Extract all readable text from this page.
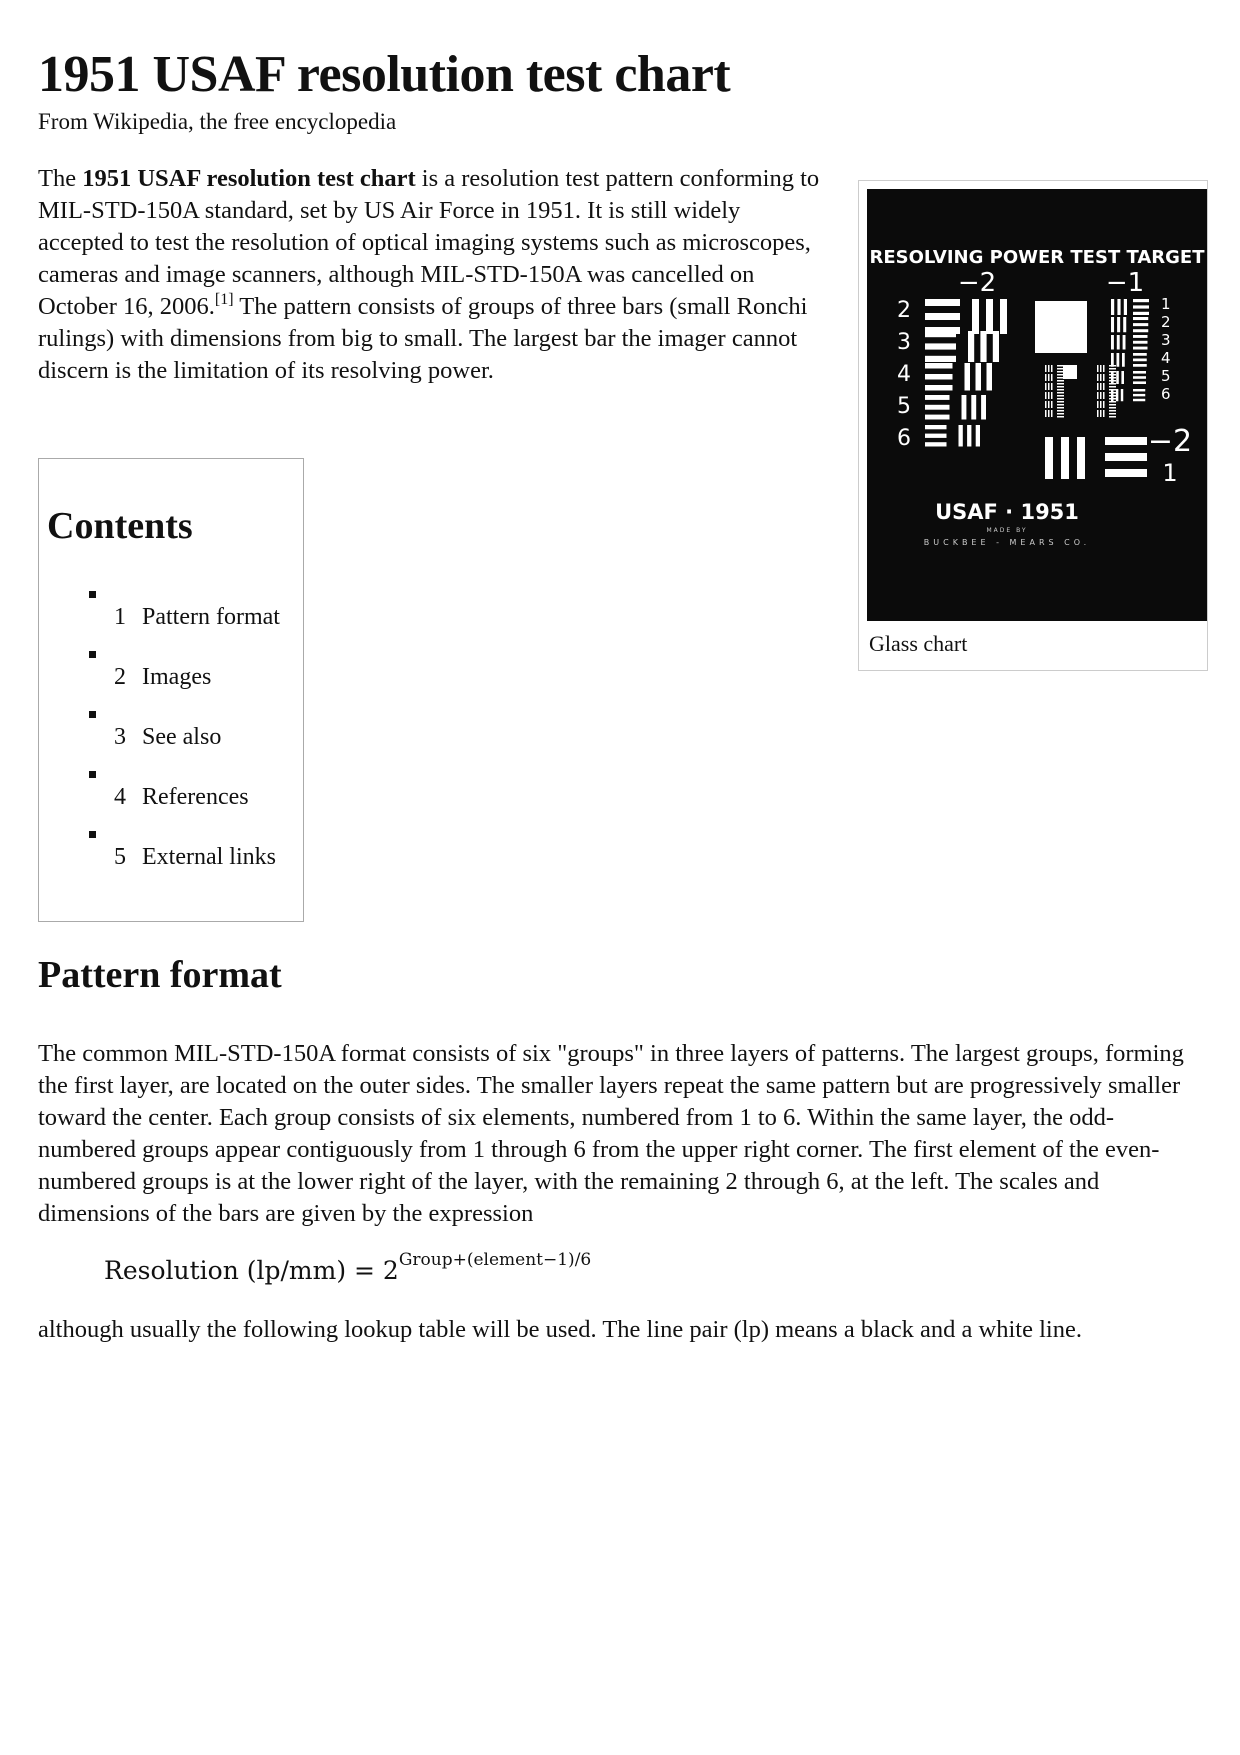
1951 USAF resolution test chart
From Wikipedia, the free encyclopedia

The 1951 USAF resolution test chart is a resolution test pattern conforming to MIL-STD-150A standard, set by US Air Force in 1951. It is still widely accepted to test the resolution of optical imaging systems such as microscopes, cameras and image scanners, although MIL-STD-150A was cancelled on October 16, 2006.[1] The pattern consists of groups of three bars (small Ronchi rulings) with dimensions from big to small. The largest bar the imager cannot discern is the limitation of its resolving power.

RESOLVING POWER TEST TARGET
−2	−1
2
3
4
5
6
1
2
3
4
5
6
−2
1
USAF · 1951
MADE BY
BUCKBEE - MEARS CO.
Glass chart
Contents
1 Pattern format
2 Images
3 See also
4 References
5 External links
Pattern format

The common MIL-STD-150A format consists of six "groups" in three layers of patterns. The largest groups, forming the first layer, are located on the outer sides. The smaller layers repeat the same pattern but are progressively smaller toward the center. Each group consists of six elements, numbered from 1 to 6. Within the same layer, the odd-numbered groups appear contiguously from 1 through 6 from the upper right corner. The first element of the even-numbered groups is at the lower right of the layer, with the remaining 2 through 6, at the left. The scales and dimensions of the bars are given by the expression

Resolution $(lp/mm) = 2^{Group+(element-1)/6}$
although usually the following lookup table will be used. The line pair (lp) means a black and a white line.
